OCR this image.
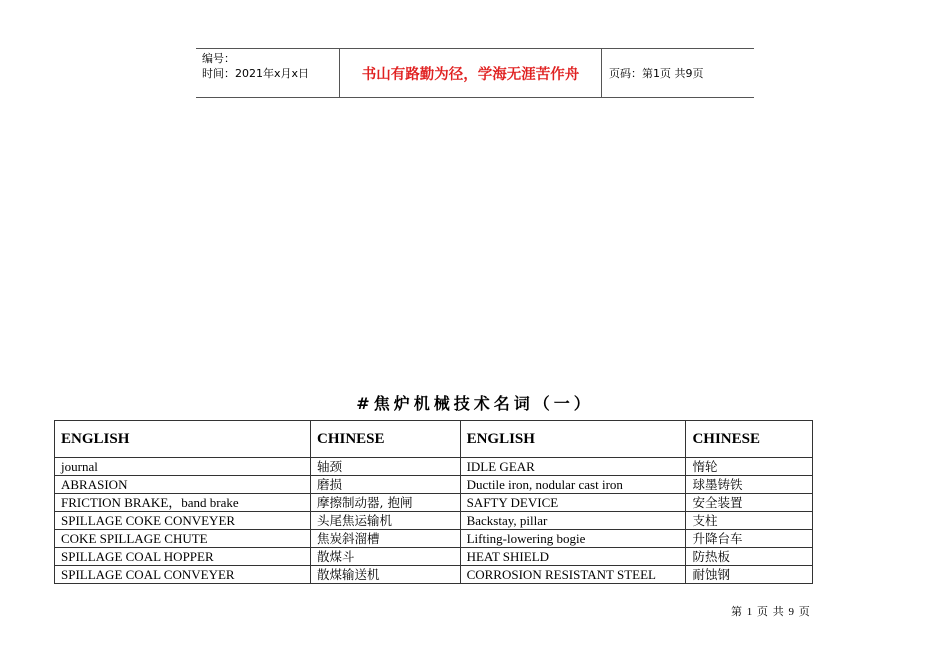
编号：
时间：2021年x月x日	书山有路勤为径，学海无涯苦作舟	页码：第1页 共9页
#焦炉机械技术名词（一）
ENGLISH	CHINESE	ENGLISH	CHINESE
journal	轴颈	IDLE GEAR	惰轮
ABRASION	磨损	Ductile iron, nodular cast iron	球墨铸铁
FRICTION BRAKE，band brake	摩擦制动器, 抱闸	SAFTY DEVICE	安全装置
SPILLAGE COKE CONVEYER	头尾焦运输机	Backstay, pillar	支柱
COKE SPILLAGE CHUTE	焦炭斜溜槽	Lifting-lowering bogie	升降台车
SPILLAGE COAL HOPPER	散煤斗	HEAT SHIELD	防热板
SPILLAGE COAL CONVEYER	散煤输送机	CORROSION RESISTANT STEEL	耐蚀钢
第 1 页 共 9 页
